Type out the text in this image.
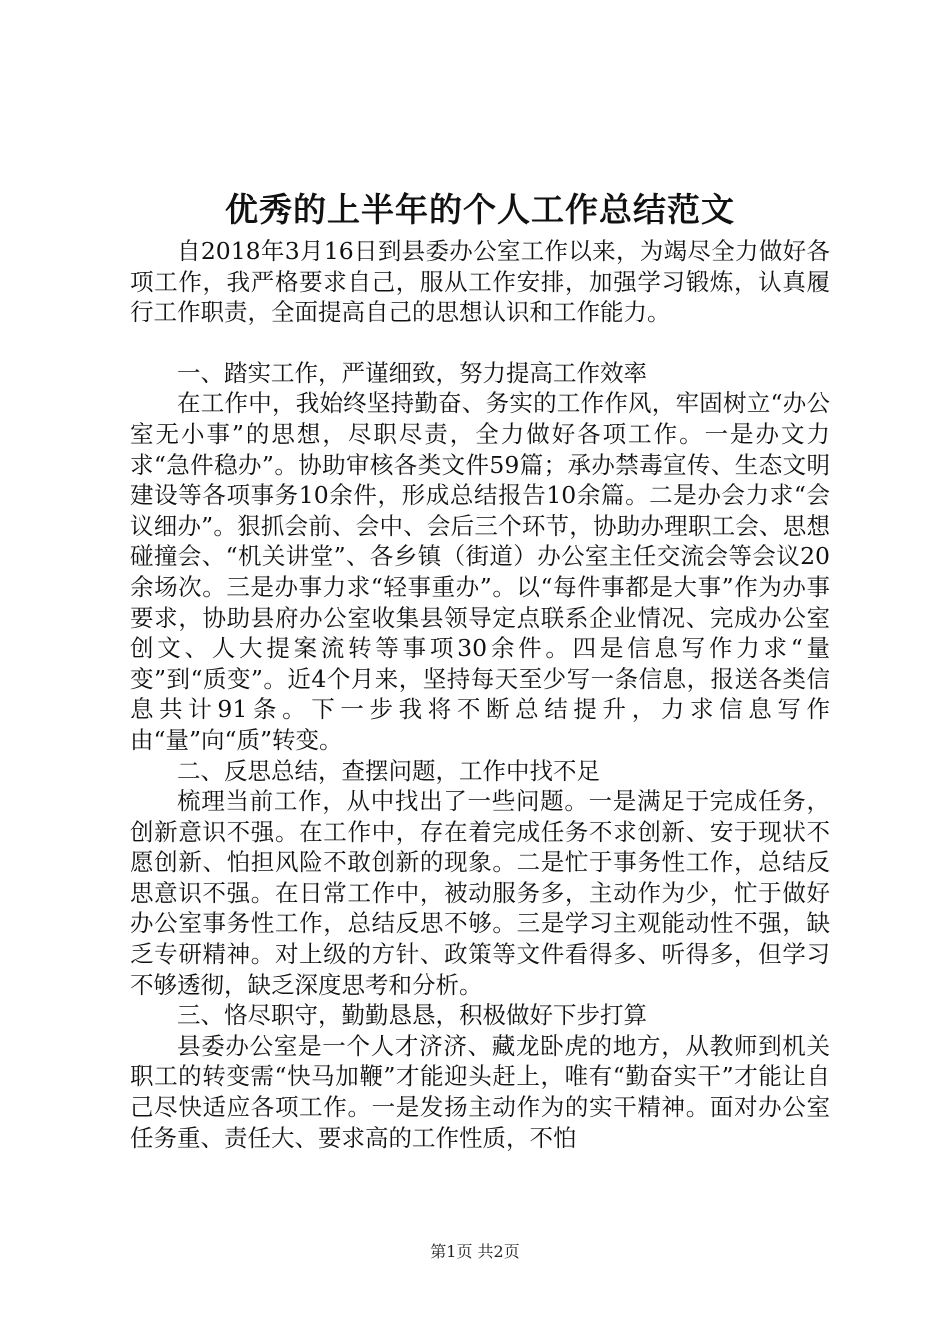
优秀的上半年的个人工作总结范文

自2018年3月16日到县委办公室工作以来，为竭尽全力做好各项工作，我严格要求自己，服从工作安排，加强学习锻炼，认真履行工作职责，全面提高自己的思想认识和工作能力。

一、踏实工作，严谨细致，努力提高工作效率

在工作中，我始终坚持勤奋、务实的工作作风，牢固树立“办公室无小事”的思想，尽职尽责，全力做好各项工作。一是办文力求“急件稳办”。协助审核各类文件59篇；承办禁毒宣传、生态文明建设等各项事务10余件，形成总结报告10余篇。二是办会力求“会议细办”。狠抓会前、会中、会后三个环节，协助办理职工会、思想碰撞会、“机关讲堂”、各乡镇（街道）办公室主任交流会等会议20余场次。三是办事力求“轻事重办”。以“每件事都是大事”作为办事要求，协助县府办公室收集县领导定点联系企业情况、完成办公室创文、人大提案流转等事项30余件。四是信息写作力求“量变”到“质变”。近4个月来，坚持每天至少写一条信息，报送各类信息共计91条。下一步我将不断总结提升，力求信息写作由“量”向“质”转变。

二、反思总结，查摆问题，工作中找不足

梳理当前工作，从中找出了一些问题。一是满足于完成任务，创新意识不强。在工作中，存在着完成任务不求创新、安于现状不愿创新、怕担风险不敢创新的现象。二是忙于事务性工作，总结反思意识不强。在日常工作中，被动服务多，主动作为少，忙于做好办公室事务性工作，总结反思不够。三是学习主观能动性不强，缺乏专研精神。对上级的方针、政策等文件看得多、听得多，但学习不够透彻，缺乏深度思考和分析。

三、恪尽职守，勤勤恳恳，积极做好下步打算

县委办公室是一个人才济济、藏龙卧虎的地方，从教师到机关职工的转变需“快马加鞭”才能迎头赶上，唯有“勤奋实干”才能让自己尽快适应各项工作。一是发扬主动作为的实干精神。面对办公室任务重、责任大、要求高的工作性质，不怕

第1页 共2页
